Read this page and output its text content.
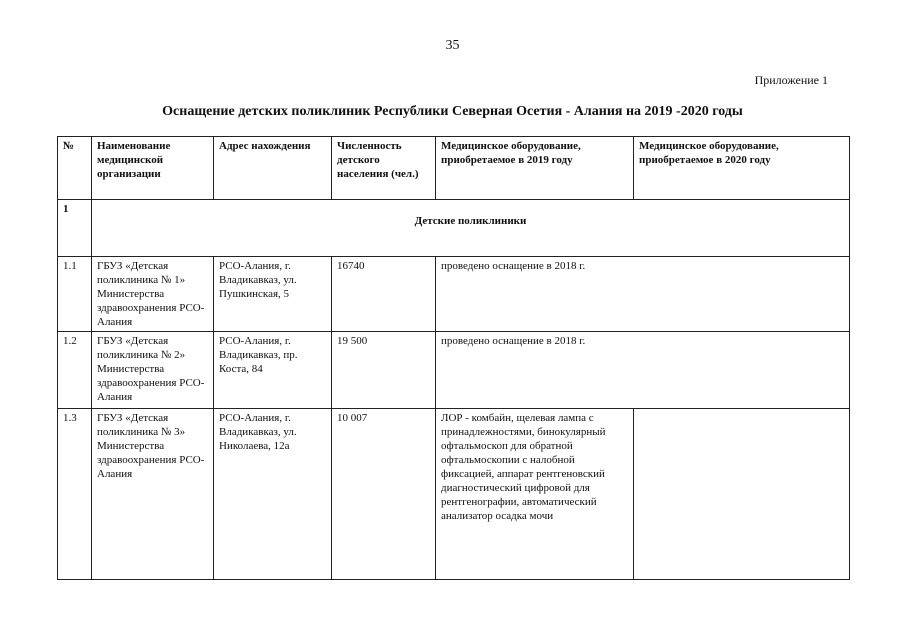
35
Приложение 1
Оснащение детских поликлиник Республики Северная Осетия - Алания на 2019 -2020 годы
№	Наименование медицинской организации	Адрес нахождения	Численность детского населения (чел.)	Медицинское оборудование, приобретаемое в 2019 году	Медицинское оборудование, приобретаемое в 2020 году
1	Детские поликлиники				
1.1	ГБУЗ «Детская поликлиника № 1» Министерства здравоохранения РСО- Алания	РСО-Алания, г. Владикавказ, ул. Пушкинская, 5	16740	проведено оснащение в 2018 г.	
1.2	ГБУЗ «Детская поликлиника № 2» Министерства здравоохранения РСО- Алания	РСО-Алания, г. Владикавказ, пр. Коста, 84	19 500	проведено оснащение в 2018 г.	
1.3	ГБУЗ «Детская поликлиника № 3» Министерства здравоохранения РСО- Алания	РСО-Алания, г. Владикавказ, ул. Николаева, 12а	10 007	ЛОР - комбайн, щелевая лампа с принадлежностями, бинокулярный офтальмоскоп для обратной офтальмоскопии с налобной фиксацией, аппарат рентгеновский диагностический цифровой для рентгенографии, автоматический анализатор осадка мочи	
